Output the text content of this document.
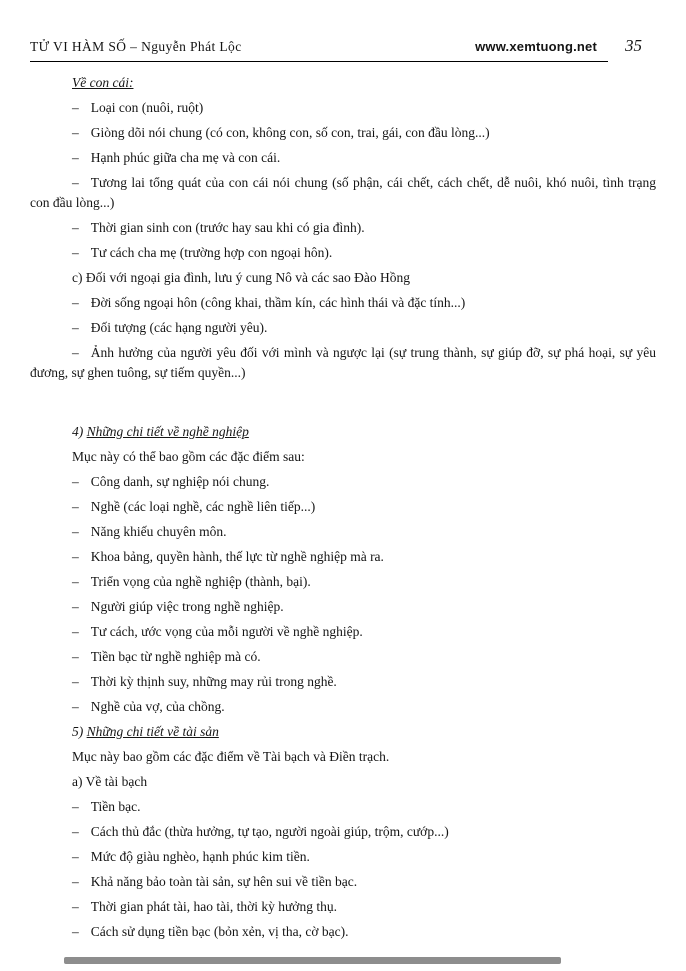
TỬ VI HÀM SỐ – Nguyễn Phát Lộc	www.xemtuong.net 35

Về con cái:

– Loại con (nuôi, ruột)

– Giòng dõi nói chung (có con, không con, số con, trai, gái, con đầu lòng...)

– Hạnh phúc giữa cha mẹ và con cái.

– Tương lai tổng quát của con cái nói chung (số phận, cái chết, cách chết, dễ nuôi, khó nuôi, tình trạng con đầu lòng...)

– Thời gian sinh con (trước hay sau khi có gia đình).

– Tư cách cha mẹ (trường hợp con ngoại hôn).

c) Đối với ngoại gia đình, lưu ý cung Nô và các sao Đào Hồng

– Đời sống ngoại hôn (công khai, thầm kín, các hình thái và đặc tính...)

– Đối tượng (các hạng người yêu).

– Ảnh hưởng của người yêu đối với mình và ngược lại (sự trung thành, sự giúp đỡ, sự phá hoại, sự yêu đương, sự ghen tuông, sự tiếm quyền...)

4) Những chi tiết về nghề nghiệp

Mục này có thể bao gồm các đặc điểm sau:

– Công danh, sự nghiệp nói chung.

– Nghề (các loại nghề, các nghề liên tiếp...)

– Năng khiếu chuyên môn.

– Khoa bảng, quyền hành, thế lực từ nghề nghiệp mà ra.

– Triển vọng của nghề nghiệp (thành, bại).

– Người giúp việc trong nghề nghiệp.

– Tư cách, ước vọng của mỗi người về nghề nghiệp.

– Tiền bạc từ nghề nghiệp mà có.

– Thời kỳ thịnh suy, những may rủi trong nghề.

– Nghề của vợ, của chồng.

5) Những chi tiết về tài sản

Mục này bao gồm các đặc điểm về Tài bạch và Điền trạch.

a) Về tài bạch

– Tiền bạc.

– Cách thủ đắc (thừa hưởng, tự tạo, người ngoài giúp, trộm, cướp...)

– Mức độ giàu nghèo, hạnh phúc kim tiền.

– Khả năng bảo toàn tài sản, sự hên sui về tiền bạc.

– Thời gian phát tài, hao tài, thời kỳ hưởng thụ.

– Cách sử dụng tiền bạc (bỏn xẻn, vị tha, cờ bạc).
